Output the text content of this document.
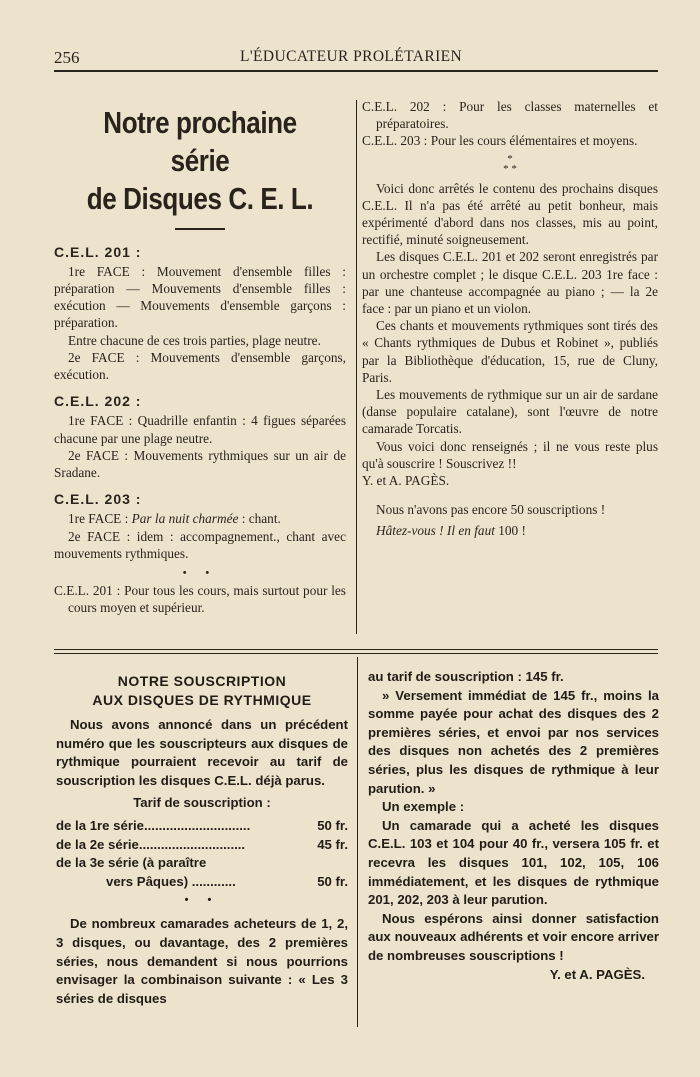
256	L'ÉDUCATEUR PROLÉTARIEN
Notre prochaine série
de Disques C. E. L.
C.E.L. 201 :

1re FACE : Mouvement d'ensemble filles : préparation — Mouvements d'ensemble filles : exécution — Mouvements d'ensemble garçons : préparation.

Entre chacune de ces trois parties, plage neutre.

2e FACE : Mouvements d'ensemble garçons, exécution.

C.E.L. 202 :

1re FACE : Quadrille enfantin : 4 figues séparées chacune par une plage neutre.

2e FACE : Mouvements rythmiques sur un air de Sradane.

C.E.L. 203 :

1re FACE : Par la nuit charmée : chant.

2e FACE : idem : accompagnement., chant avec mouvements rythmiques.

• •

C.E.L. 201 : Pour tous les cours, mais surtout pour les cours moyen et supérieur.

C.E.L. 202 : Pour les classes maternelles et préparatoires.

C.E.L. 203 : Pour les cours élémentaires et moyens.

*
* *

Voici donc arrêtés le contenu des prochains disques C.E.L. Il n'a pas été arrêté au petit bonheur, mais expérimenté d'abord dans nos classes, mis au point, rectifié, minuté soigneusement.

Les disques C.E.L. 201 et 202 seront enregistrés par un orchestre complet ; le disque C.E.L. 203 1re face : par une chanteuse accompagnée au piano ; — la 2e face : par un piano et un violon.

Ces chants et mouvements rythmiques sont tirés des « Chants rythmiques de Dubus et Robinet », publiés par la Bibliothèque d'éducation, 15, rue de Cluny, Paris.

Les mouvements de rythmique sur un air de sardane (danse populaire catalane), sont l'œuvre de notre camarade Torcatis.

Vous voici donc renseignés ; il ne vous reste plus qu'à souscrire ! Souscrivez !!

Y. et A. PAGÈS.

Nous n'avons pas encore 50 souscriptions !

Hâtez-vous ! Il en faut 100 !

NOTRE SOUSCRIPTION
AUX DISQUES DE RYTHMIQUE

Nous avons annoncé dans un précédent numéro que les souscripteurs aux disques de rythmique pourraient recevoir au tarif de souscription les disques C.E.L. déjà parus.

Tarif de souscription :
de la 1re série.............................	50 fr.
de la 2e série.............................	45 fr.
de la 3e série (à paraître
vers Pâques) ............	50 fr.
• •

De nombreux camarades acheteurs de 1, 2, 3 disques, ou davantage, des 2 premières séries, nous demandent si nous pourrions envisager la combinaison suivante : « Les 3 séries de disques

au tarif de souscription : 145 fr.

» Versement immédiat de 145 fr., moins la somme payée pour achat des disques des 2 premières séries, et envoi par nos services des disques non achetés des 2 premières séries, plus les disques de rythmique à leur parution. »

Un exemple :

Un camarade qui a acheté les disques C.E.L. 103 et 104 pour 40 fr., versera 105 fr. et recevra les disques 101, 102, 105, 106 immédiatement, et les disques de rythmique 201, 202, 203 à leur parution.

Nous espérons ainsi donner satisfaction aux nouveaux adhérents et voir encore arriver de nombreuses souscriptions !
Y. et A. PAGÈS.
